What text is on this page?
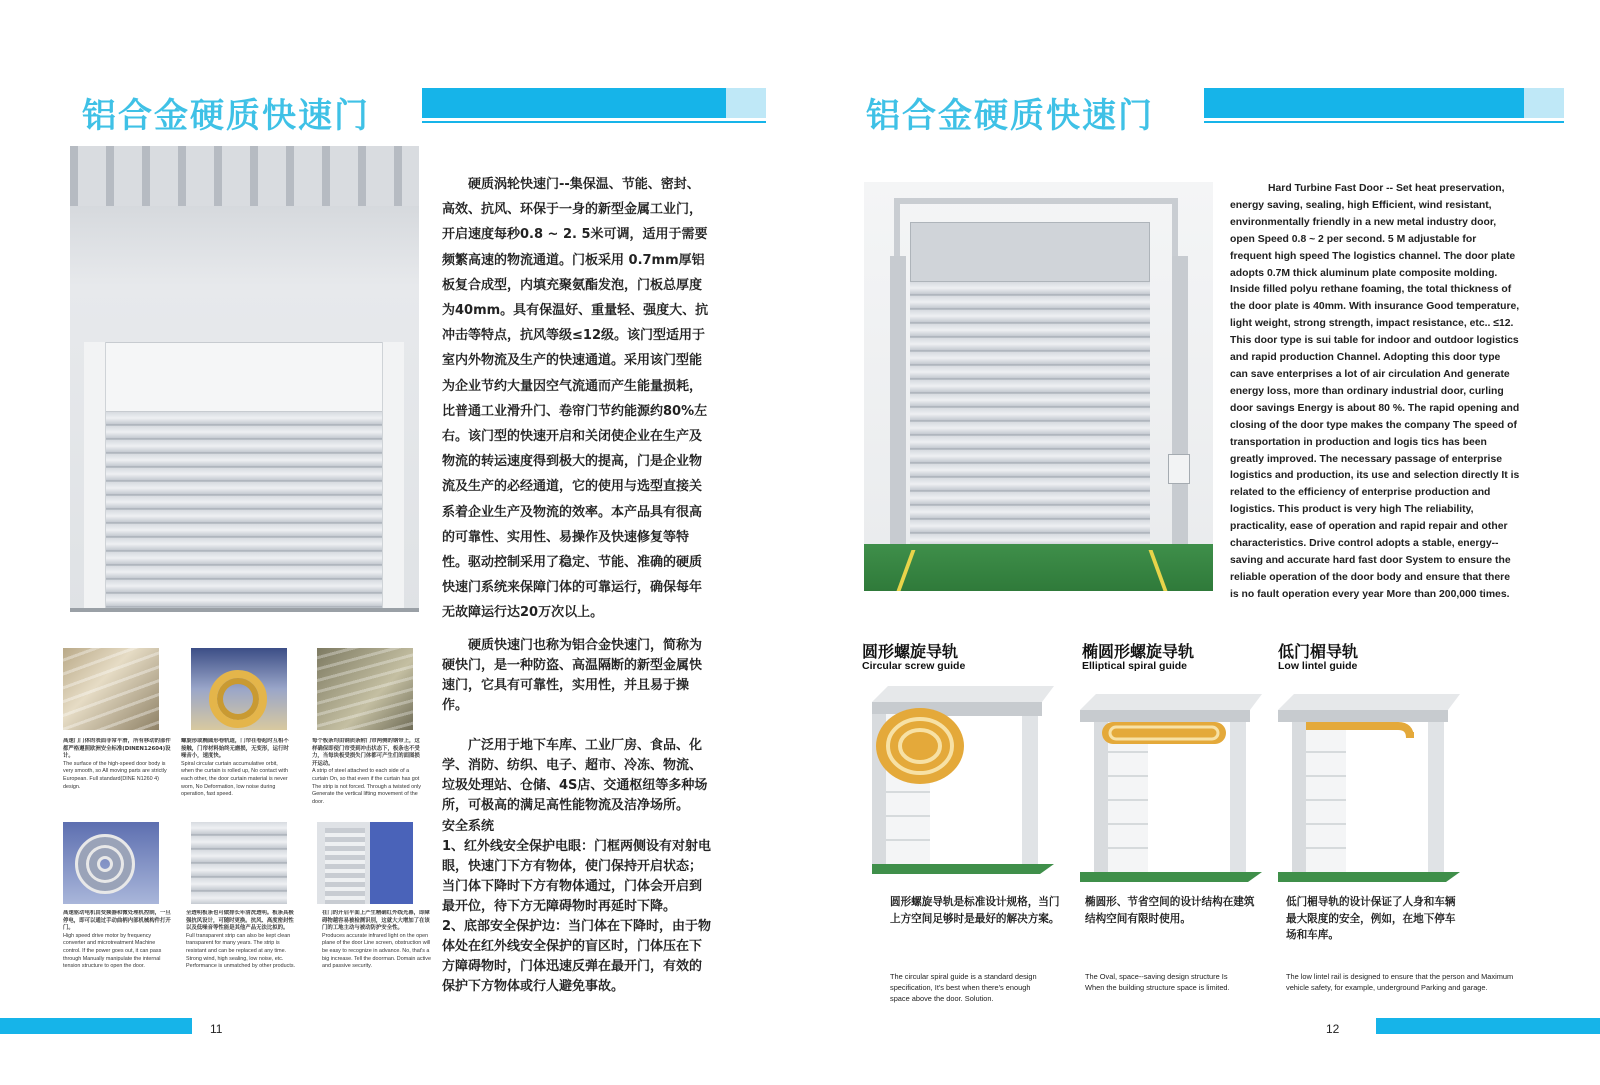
铝合金硬质快速门

硬质涡轮快速门--集保温、节能、密封、高效、抗风、环保于一身的新型金属工业门，开启速度每秒0.8 ~ 2. 5米可调，适用于需要频繁高速的物流通道。门板采用 0.7mm厚铝板复合成型，内填充聚氨酯发泡，门板总厚度为40mm。具有保温好、重量轻、强度大、抗冲击等特点，抗风等级≤12级。该门型适用于室内外物流及生产的快速通道。采用该门型能为企业节约大量因空气流通而产生能量损耗，比普通工业滑升门、卷帘门节约能源约80%左右。该门型的快速开启和关闭使企业在生产及物流的转运速度得到极大的提高，门是企业物流及生产的必经通道，它的使用与选型直接关系着企业生产及物流的效率。本产品具有很高的可靠性、实用性、易操作及快速修复等特性。驱动控制采用了稳定、节能、准确的硬质快速门系统来保障门体的可靠运行，确保每年无故障运行达20万次以上。

硬质快速门也称为铝合金快速门，简称为硬快门，是一种防盗、高温隔断的新型金属快速门，它具有可靠性，实用性，并且易于操作。

广泛用于地下车库、工业厂房、食品、化学、消防、纺织、电子、超市、冷冻、物流、垃圾处理站、仓储、4S店、交通枢纽等多种场所，可极高的满足高性能物流及洁净场所。

安全系统
1、红外线安全保护电眼：门框两侧设有对射电眼，快速门下方有物体，使门保持开启状态；当门体下降时下方有物体通过，门体会开启到最开位，待下方无障碍物时再延时下降。
2、底部安全保护边：当门体在下降时，由于物体处在红外线安全保护的盲区时，门体压在下方障碍物时，门体迅速反弹在最开门，有效的保护下方物体或行人避免事故。
高速门门体的表面非常平滑，所有移动的部件都严格遵照欧洲安全标准(DINEN12604)设计。
The surface of the high-speed door body is very smooth, so All moving parts are strictly European. Full standard(DINE N1260 4) design.
螺旋形或椭圆形卷轨道，门帘在卷起时互相不接触，门帘材料始终无磨损，无变形，运行时噪音小，速度快。
Spiral circular curtain accumulative orbit, when the curtain is rolled up, No contact with each other, the door curtain material is never worn, No Deformation, low noise during operation, fast speed.
每个板条均由钢质条附门帘两侧的钢带上，这样确保即使门帘受到冲击状态下，板条也不受力，当每块板受损失门体都可产生们的面图损开运动。
A strip of steel attached to each side of a curtain On, so that even if the curtain has got The strip is not forced. Through a twisted only Generate the vertical lifting movement of the door.
高速驱动电机由变频器和微处理机控制，一旦停电，即可以通过手动曲柄内部机械构件打开门。
High speed drive motor by frequency converter and microtreatment Machine control. If the power goes out, it can pass through Manually manipulate the internal tension structure to open the door.
全透明板条也可做排长年清洗透明。板条具极强抗风设计，可随时更换。抗风、高度密封性以及低噪音等性能是其他产品无法比拟的。
Full transparent strip can also be kept clean transparent for many years. The strip is resistant and can be replaced at any time. Strong wind, high sealing, low noise, etc. Performance is unmatched by other products.
在门的开启平面上产生精确红外线光幕，即障碍物越容易被检测识别，这就大大增加了在该门的工地主动与被动防护安全性。
Produces accurate infrared light on the open plane of the door Line screen, obstruction will be easy to recognize in advance. No, that's a big increase. Tell the doorman. Domain active and passive security.
11
铝合金硬质快速门
Hard Turbine Fast Door -- Set heat preservation, energy saving, sealing, high Efficient, wind resistant, environmentally friendly in a new metal industry door, open Speed 0.8 ~ 2 per second. 5 M adjustable for frequent high speed The logistics channel. The door plate adopts 0.7M thick aluminum plate composite molding. Inside filled polyu rethane foaming, the total thickness of the door plate is 40mm. With insurance Good temperature, light weight, strong strength, impact resistance, etc.. ≤12. This door type is sui table for indoor and outdoor logistics and rapid production Channel. Adopting this door type can save enterprises a lot of air circulation And generate energy loss, more than ordinary industrial door, curling door savings Energy is about 80 %. The rapid opening and closing of the door type makes the company The speed of transportation in production and logis tics has been greatly improved. The necessary passage of enterprise logistics and production, its use and selection directly It is related to the efficiency of enterprise production and logistics. This product is very high The reliability, practicality, ease of operation and rapid repair and other characteristics. Drive control adopts a stable, energy--saving and accurate hard fast door System to ensure the reliable operation of the door body and ensure that there is no fault operation every year More than 200,000 times.
圆形螺旋导轨
Circular screw guide
椭圆形螺旋导轨
Elliptical spiral guide
低门楣导轨
Low lintel guide
圆形螺旋导轨是标准设计规格，当门上方空间足够时是最好的解决方案。
The circular spiral guide is a standard design specification, It's best when there's enough space above the door. Solution.
椭圆形、节省空间的设计结构在建筑结构空间有限时使用。
The Oval, space--saving design structure Is When the building structure space is limited.
低门楣导轨的设计保证了人身和车辆最大限度的安全，例如，在地下停车场和车库。
The low lintel rail is designed to ensure that the person and Maximum vehicle safety, for example, underground Parking and garage.
12
